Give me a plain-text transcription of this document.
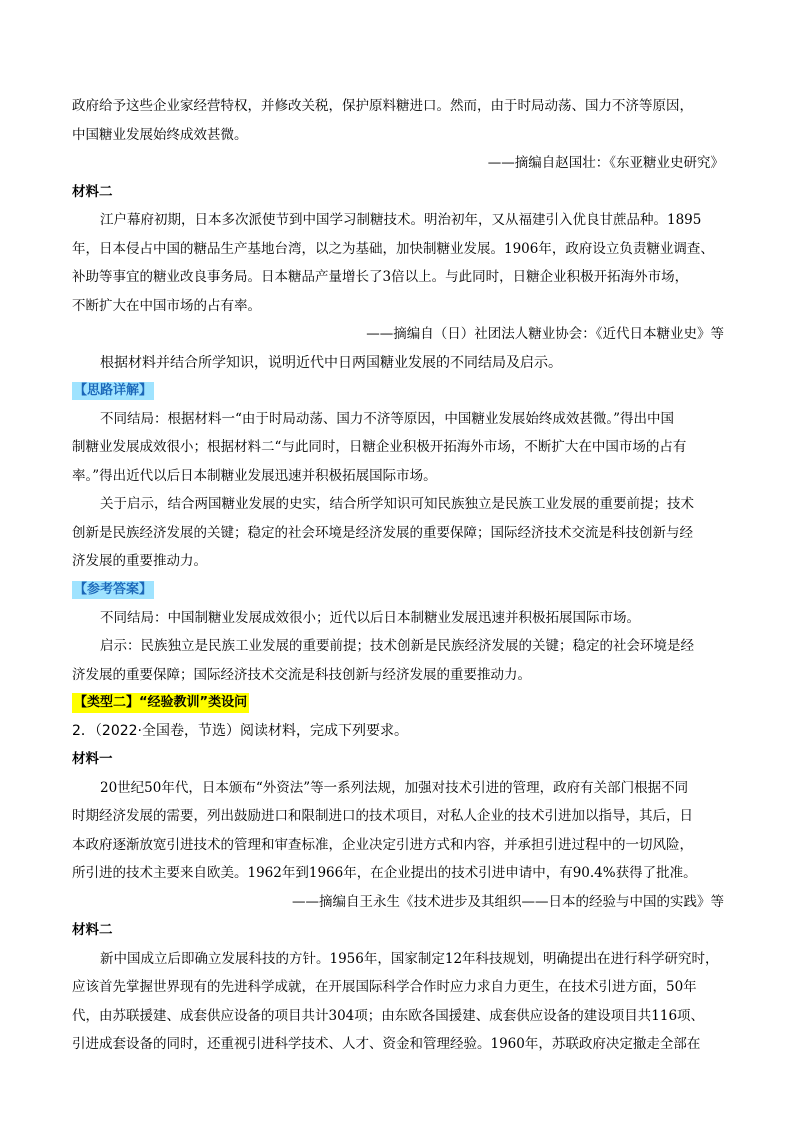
政府给予这些企业家经营特权，并修改关税，保护原料糖进口。然而，由于时局动荡、国力不济等原因，

中国糖业发展始终成效甚微。

——摘编自赵国壮：《东亚糖业史研究》

材料二

江户幕府初期，日本多次派使节到中国学习制糖技术。明治初年，又从福建引入优良甘蔗品种。1895

年，日本侵占中国的糖品生产基地台湾，以之为基础，加快制糖业发展。1906年，政府设立负责糖业调查、

补助等事宜的糖业改良事务局。日本糖品产量增长了3倍以上。与此同时，日糖企业积极开拓海外市场，

不断扩大在中国市场的占有率。

——摘编自（日）社团法人糖业协会：《近代日本糖业史》等

根据材料并结合所学知识，说明近代中日两国糖业发展的不同结局及启示。

【思路详解】

不同结局：根据材料一“由于时局动荡、国力不济等原因，中国糖业发展始终成效甚微。”得出中国

制糖业发展成效很小；根据材料二“与此同时，日糖企业积极开拓海外市场，不断扩大在中国市场的占有

率。”得出近代以后日本制糖业发展迅速并积极拓展国际市场。

关于启示，结合两国糖业发展的史实，结合所学知识可知民族独立是民族工业发展的重要前提；技术

创新是民族经济发展的关键；稳定的社会环境是经济发展的重要保障；国际经济技术交流是科技创新与经

济发展的重要推动力。

【参考答案】

不同结局：中国制糖业发展成效很小；近代以后日本制糖业发展迅速并积极拓展国际市场。

启示：民族独立是民族工业发展的重要前提；技术创新是民族经济发展的关键；稳定的社会环境是经

济发展的重要保障；国际经济技术交流是科技创新与经济发展的重要推动力。

【类型二】“经验教训”类设问

2．（2022·全国卷，节选）阅读材料，完成下列要求。

材料一

20世纪50年代，日本颁布“外资法”等一系列法规，加强对技术引进的管理，政府有关部门根据不同

时期经济发展的需要，列出鼓励进口和限制进口的技术项目，对私人企业的技术引进加以指导，其后，日

本政府逐渐放宽引进技术的管理和审查标准，企业决定引进方式和内容，并承担引进过程中的一切风险，

所引进的技术主要来自欧美。1962年到1966年，在企业提出的技术引进申请中，有90.4%获得了批准。

——摘编自王永生《技术进步及其组织——日本的经验与中国的实践》等

材料二

新中国成立后即确立发展科技的方针。1956年，国家制定12年科技规划，明确提出在进行科学研究时，

应该首先掌握世界现有的先进科学成就，在开展国际科学合作时应力求自力更生，在技术引进方面，50年

代，由苏联援建、成套供应设备的项目共计304项；由东欧各国援建、成套供应设备的建设项目共116项、

引进成套设备的同时，还重视引进科学技术、人才、资金和管理经验。1960年，苏联政府决定撤走全部在
